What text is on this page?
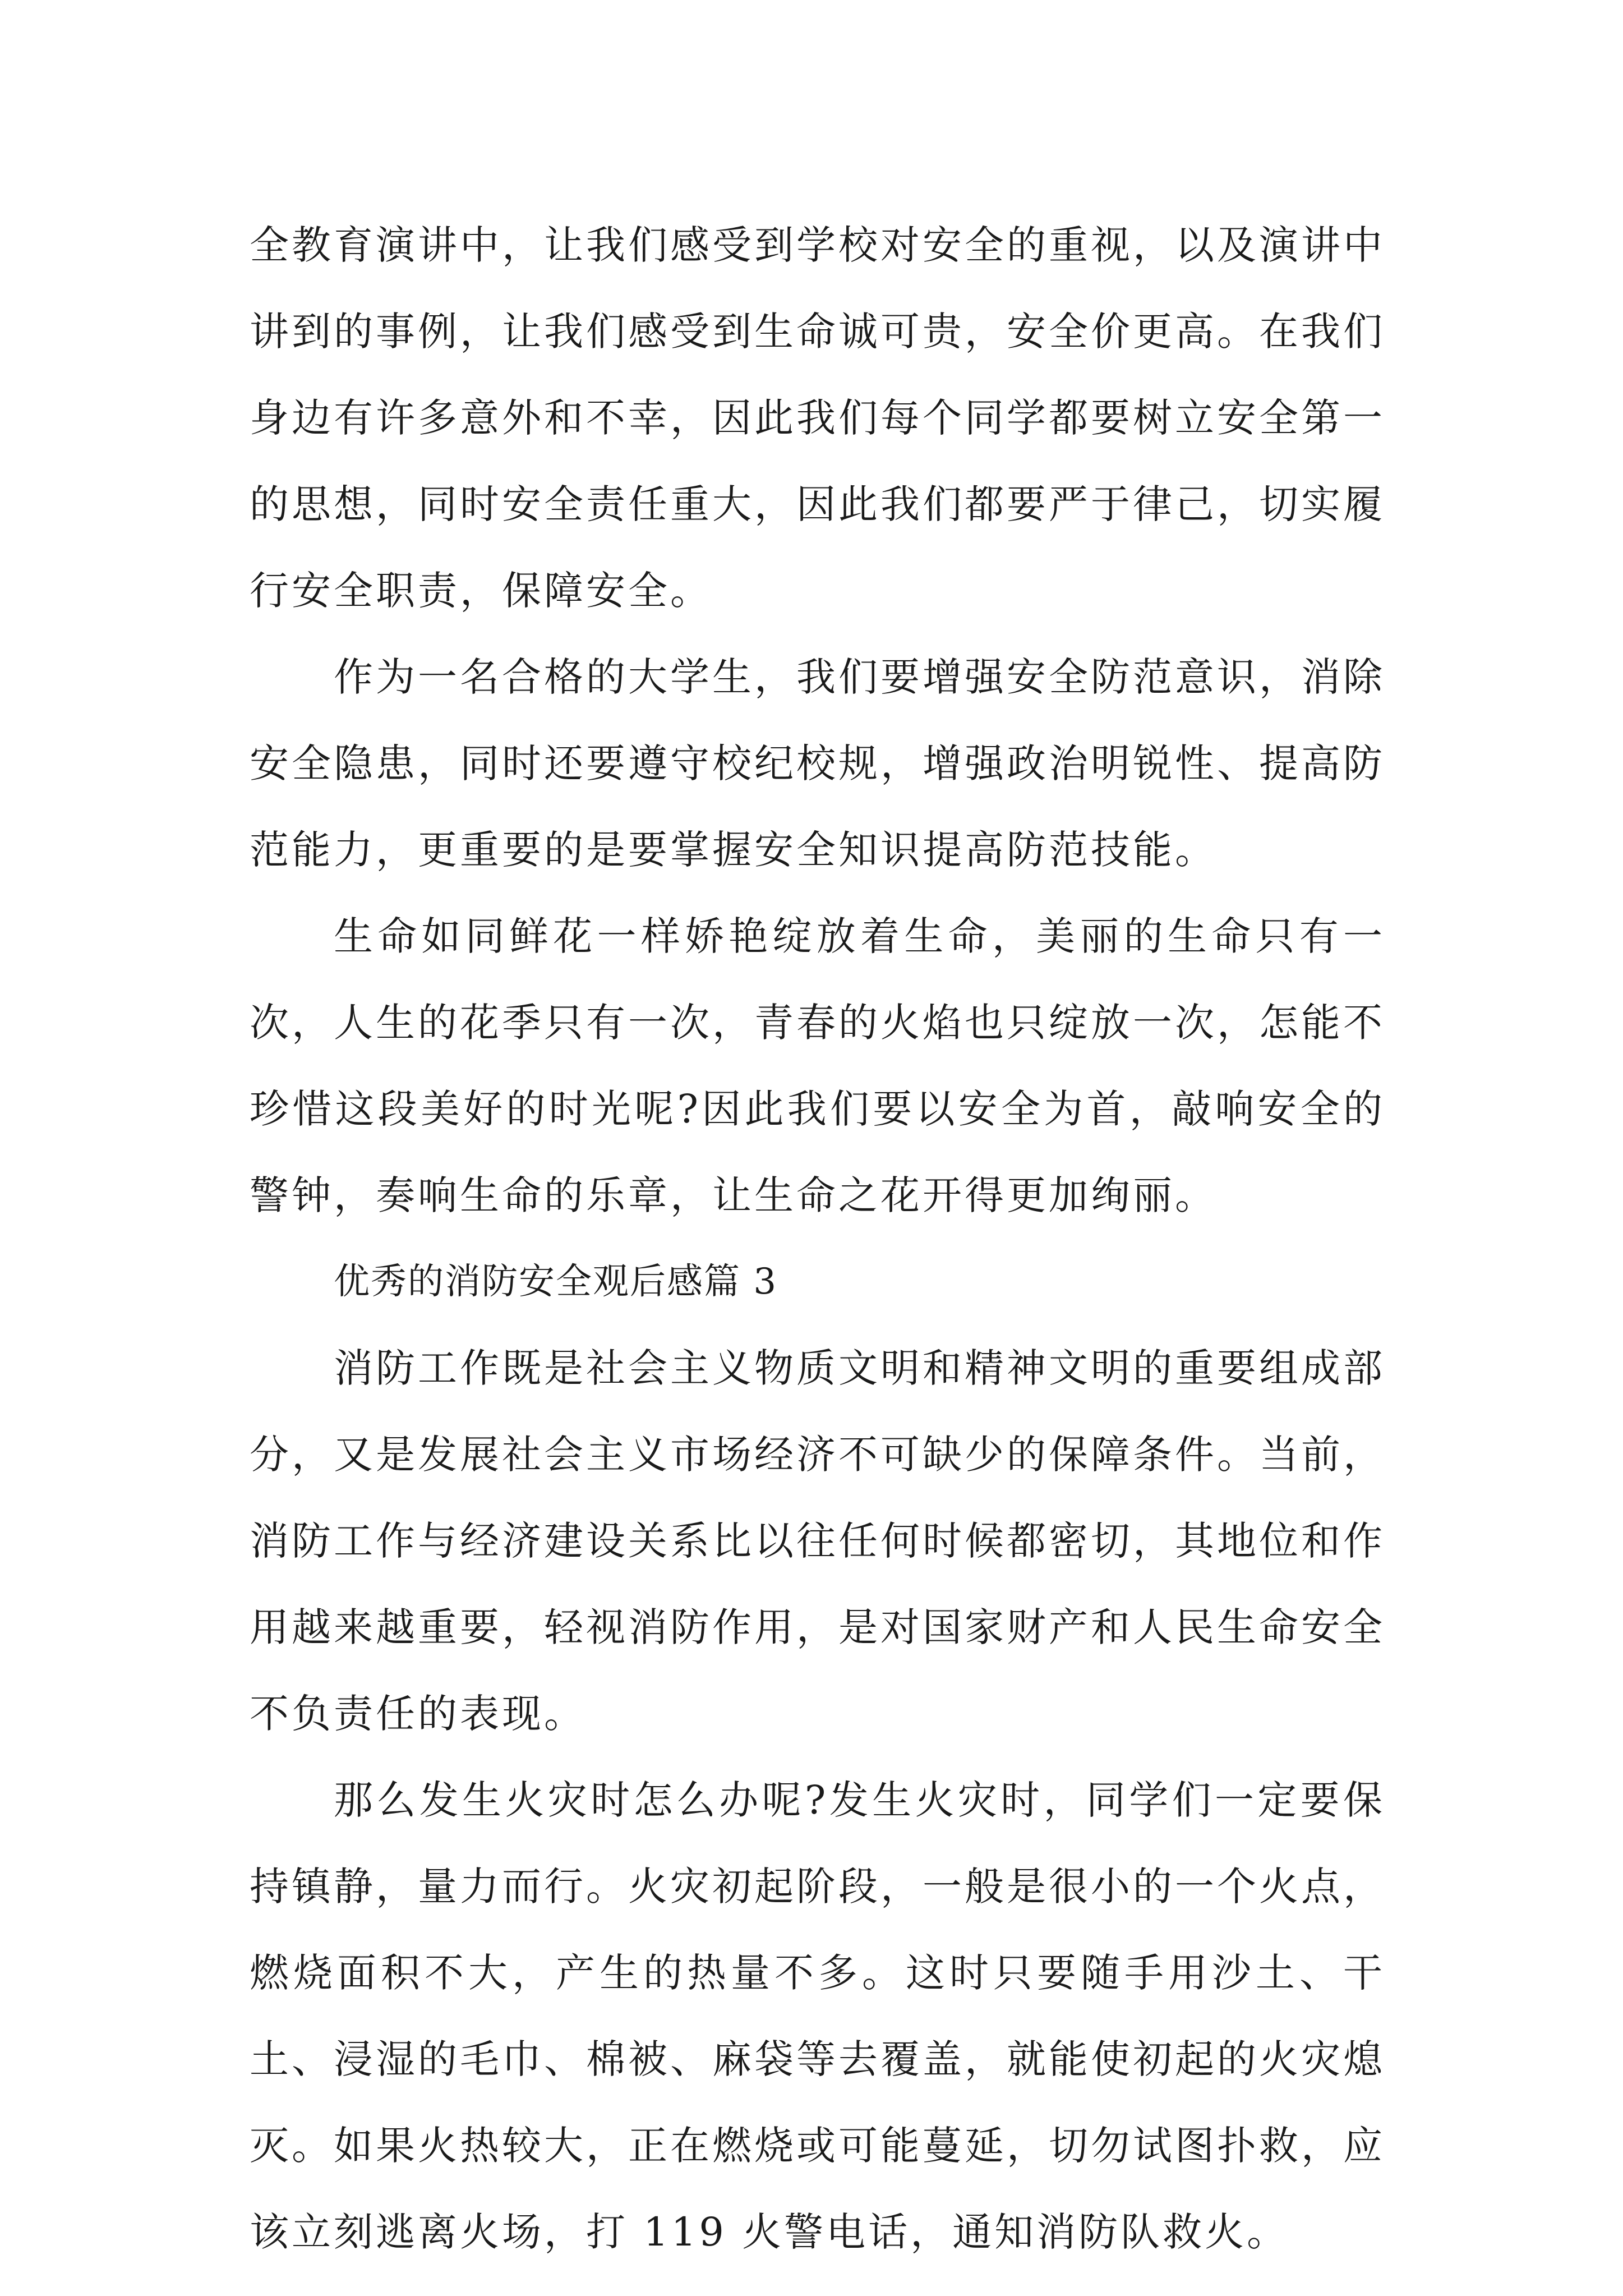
全教育演讲中，让我们感受到学校对安全的重视，以及演讲中讲到的事例，让我们感受到生命诚可贵，安全价更高。在我们身边有许多意外和不幸，因此我们每个同学都要树立安全第一的思想，同时安全责任重大，因此我们都要严于律己，切实履行安全职责，保障安全。

作为一名合格的大学生，我们要增强安全防范意识，消除安全隐患，同时还要遵守校纪校规，增强政治明锐性、提高防范能力，更重要的是要掌握安全知识提高防范技能。

生命如同鲜花一样娇艳绽放着生命，美丽的生命只有一次，人生的花季只有一次，青春的火焰也只绽放一次，怎能不珍惜这段美好的时光呢?因此我们要以安全为首，敲响安全的警钟，奏响生命的乐章，让生命之花开得更加绚丽。

优秀的消防安全观后感篇 3

消防工作既是社会主义物质文明和精神文明的重要组成部分，又是发展社会主义市场经济不可缺少的保障条件。当前，消防工作与经济建设关系比以往任何时候都密切，其地位和作用越来越重要，轻视消防作用，是对国家财产和人民生命安全不负责任的表现。

那么发生火灾时怎么办呢?发生火灾时，同学们一定要保持镇静，量力而行。火灾初起阶段，一般是很小的一个火点，燃烧面积不大，产生的热量不多。这时只要随手用沙土、干土、浸湿的毛巾、棉被、麻袋等去覆盖，就能使初起的火灾熄灭。如果火热较大，正在燃烧或可能蔓延，切勿试图扑救，应该立刻逃离火场，打 119 火警电话，通知消防队救火。
